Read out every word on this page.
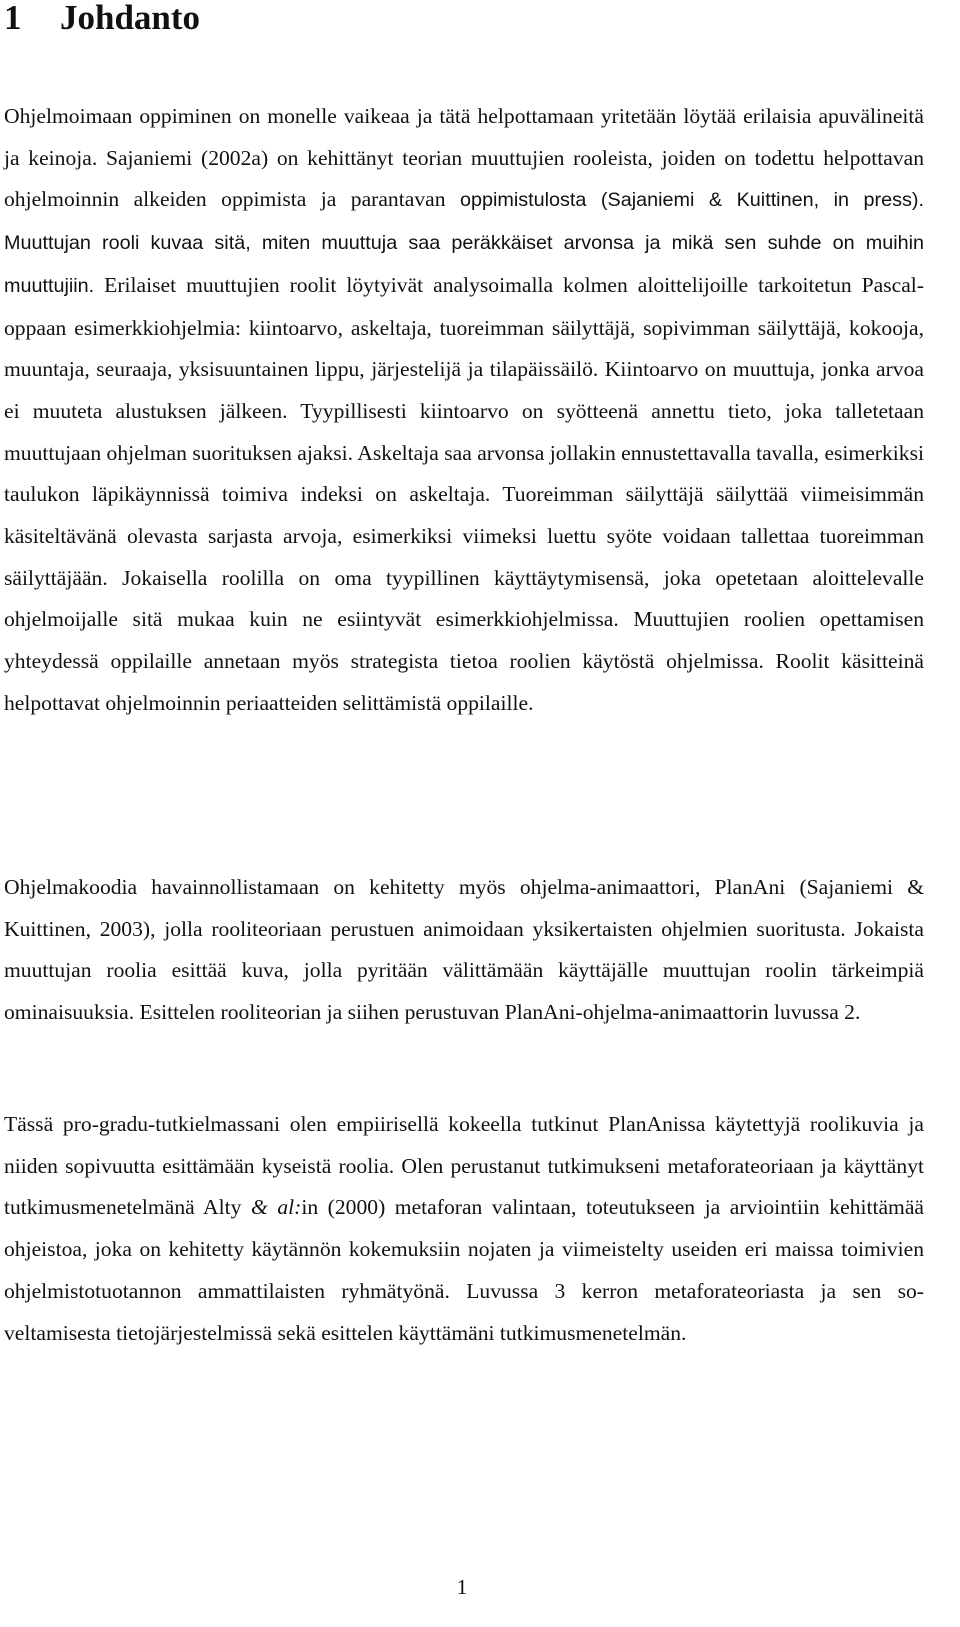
1 Johdanto

Ohjelmoimaan oppiminen on monelle vaikeaa ja tätä helpottamaan yritetään löytää erilaisia apuvälineitä ja keinoja. Sajaniemi (2002a) on kehittänyt teorian muuttujien rooleista, joiden on todettu helpottavan ohjelmoinnin alkeiden oppimista ja parantavan oppimistulosta (Sajaniemi & Kuittinen, in press). Muuttujan rooli kuvaa sitä, miten muuttuja saa peräkkäiset arvonsa ja mikä sen suhde on muihin muuttujiin. Erilaiset muuttujien roolit löytyivät analysoimalla kolmen aloittelijoille tarkoitetun Pascal-oppaan esimerkkiohjelmia: kiintoarvo, askeltaja, tuoreimman säilyttäjä, sopivimman säilyttäjä, kokooja, muuntaja, seuraaja, yksisuuntainen lippu, järjestelijä ja tilapäissäilö. Kiintoarvo on muuttuja, jonka arvoa ei muuteta alustuksen jälkeen. Tyypillisesti kiintoarvo on syötteenä annettu tieto, joka talletetaan muuttujaan ohjelman suorituksen ajaksi. Askeltaja saa arvonsa jollakin ennustettavalla tavalla, esimerkiksi taulukon läpikäynnissä toimiva indeksi on askeltaja. Tuoreimman säilyttäjä säilyttää viimeisimmän käsiteltävänä olevasta sarjasta arvoja, esimerkiksi viimeksi luettu syöte voidaan tallettaa tuoreimman säilyttäjään. Jokaisella roolilla on oma tyypillinen käyttäytymisensä, joka opetetaan aloittelevalle ohjelmoijalle sitä mukaa kuin ne esiintyvät esimerkkiohjelmissa. Muuttujien roolien opettamisen yhteydessä oppilaille annetaan myös strategista tietoa roolien käytöstä ohjelmissa. Roolit käsitteinä helpottavat ohjelmoinnin periaatteiden selittämistä oppilaille.

Ohjelmakoodia havainnollistamaan on kehitetty myös ohjelma-animaattori, PlanAni (Sajaniemi & Kuittinen, 2003), jolla rooliteoriaan perustuen animoidaan yksikertaisten ohjelmien suoritusta. Jokaista muuttujan roolia esittää kuva, jolla pyritään välittämään käyttäjälle muuttujan roolin tärkeimpiä ominaisuuksia. Esittelen rooliteorian ja siihen perustuvan PlanAni-ohjelma-animaattorin luvussa 2.

Tässä pro-gradu-tutkielmassani olen empiirisellä kokeella tutkinut PlanAnissa käytettyjä roolikuvia ja niiden sopivuutta esittämään kyseistä roolia. Olen perustanut tutkimukseni metaforateoriaan ja käyttänyt tutkimusmenetelmänä Alty & al:in (2000) metaforan valintaan, toteutukseen ja arviointiin kehittämää ohjeistoa, joka on kehitetty käytännön kokemuksiin nojaten ja viimeistelty useiden eri maissa toimivien ohjelmistotuotannon ammattilaisten ryhmätyönä. Luvussa 3 kerron metaforateoriasta ja sen soveltamisesta tietojärjestelmissä sekä esittelen käyttämäni tutkimusmenetelmän.

1
